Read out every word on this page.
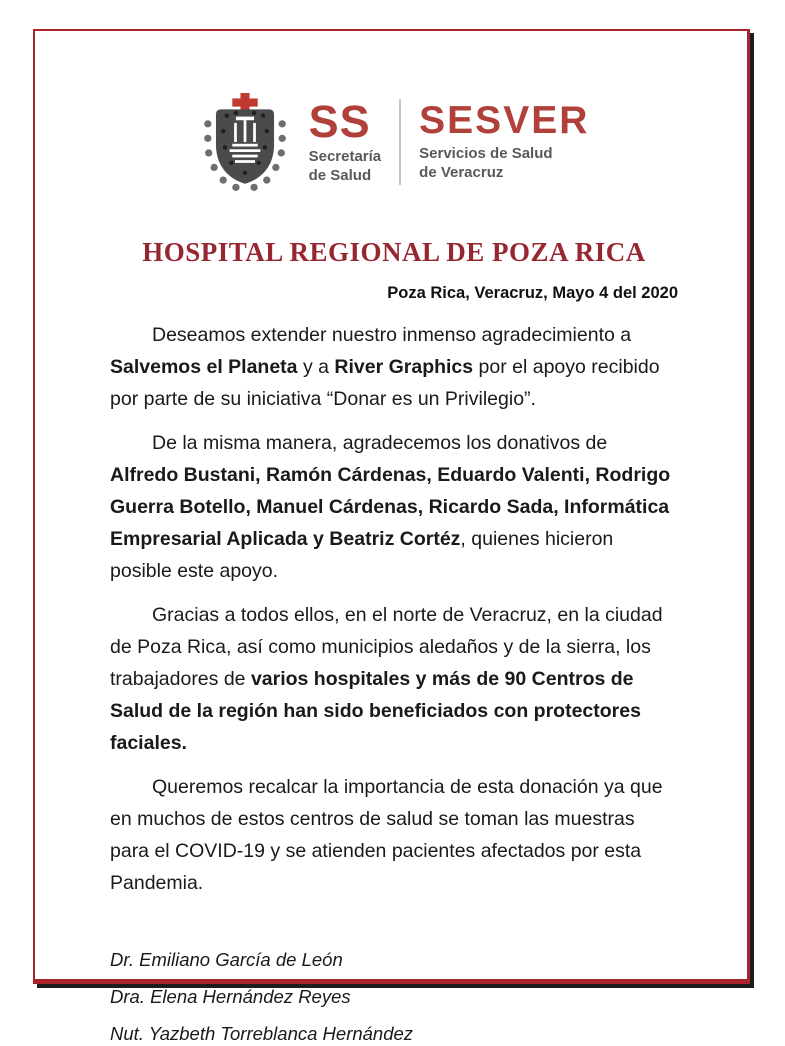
SS
Secretaría
de Salud
SESVER
Servicios de Salud
de Veracruz
HOSPITAL REGIONAL DE POZA RICA
Poza Rica, Veracruz, Mayo 4 del 2020

Deseamos extender nuestro inmenso agradecimiento a Salvemos el Planeta y a River Graphics por el apoyo recibido por parte de su iniciativa “Donar es un Privilegio”.

De la misma manera, agradecemos los donativos de Alfredo Bustani, Ramón Cárdenas, Eduardo Valenti, Rodrigo Guerra Botello, Manuel Cárdenas, Ricardo Sada, Informática Empresarial Aplicada y Beatriz Cortéz, quienes hicieron posible este apoyo.

Gracias a todos ellos, en el norte de Veracruz, en la ciudad de Poza Rica, así como municipios aledaños y de la sierra, los trabajadores de varios hospitales y más de 90 Centros de Salud de la región han sido beneficiados con protectores faciales.

Queremos recalcar la importancia de esta donación ya que en muchos de estos centros de salud se toman las muestras para el COVID-19 y se atienden pacientes afectados por esta Pandemia.

Dr. Emiliano García de León

Dra. Elena Hernández Reyes

Nut. Yazbeth Torreblanca Hernández
